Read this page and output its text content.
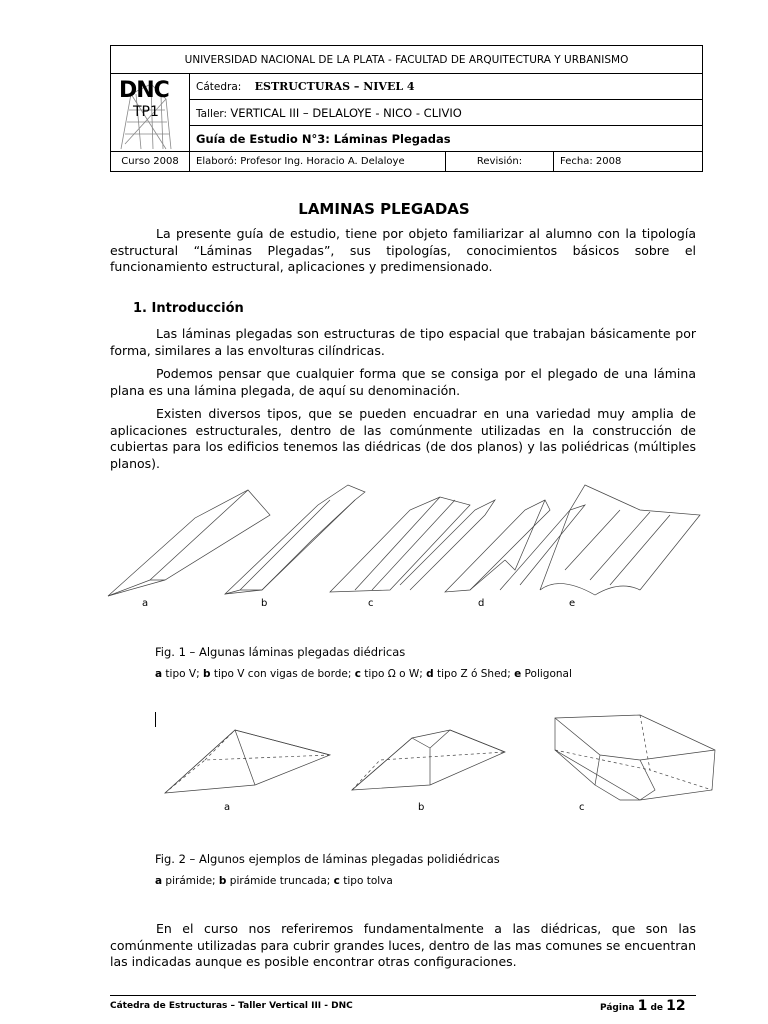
UNIVERSIDAD NACIONAL DE LA PLATA - FACULTAD DE ARQUITECTURA Y URBANISMO			

DNC
TP1	Cátedra: ESTRUCTURAS – NIVEL 4		
	Taller: VERTICAL III – DELALOYE - NICO - CLIVIO		
	Guía de Estudio N°3: Láminas Plegadas		
Curso 2008	Elaboró: Profesor Ing. Horacio A. Delaloye	Revisión:	Fecha: 2008
LAMINAS PLEGADAS
La presente guía de estudio, tiene por objeto familiarizar al alumno con la tipología estructural “Láminas Plegadas”, sus tipologías, conocimientos básicos sobre el funcionamiento estructural, aplicaciones y predimensionado.
1. Introducción
Las láminas plegadas son estructuras de tipo espacial que trabajan básicamente por forma, similares a las envolturas cilíndricas.
Podemos pensar que cualquier forma que se consiga por el plegado de una lámina plana es una lámina plegada, de aquí su denominación.
Existen diversos tipos, que se pueden encuadrar en una variedad muy amplia de aplicaciones estructurales, dentro de las comúnmente utilizadas en la construcción de cubiertas para los edificios tenemos las diédricas (de dos planos) y las poliédricas (múltiples planos).
a	b	c	d	e
Fig. 1 – Algunas láminas plegadas diédricas
a tipo V; b tipo V con vigas de borde; c tipo Ω o W; d tipo Z ó Shed; e Poligonal
a	b	c
Fig. 2 – Algunos ejemplos de láminas plegadas polidiédricas
a pirámide; b pirámide truncada; c tipo tolva
En el curso nos referiremos fundamentalmente a las diédricas, que son las comúnmente utilizadas para cubrir grandes luces, dentro de las mas comunes se encuentran las indicadas aunque es posible encontrar otras configuraciones.
Cátedra de Estructuras – Taller Vertical III - DNC	Página 1 de 12
